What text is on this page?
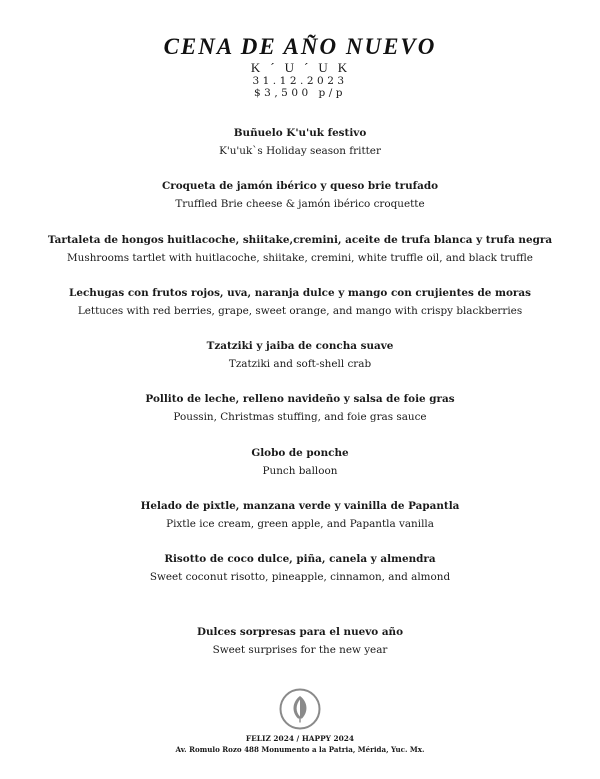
CENA DE AÑO NUEVO
K´U´UK
31.12.2023
$3,500 p/p
Buñuelo K'u'uk festivo
K'u'uk`s Holiday season fritter
Croqueta de jamón ibérico y queso brie trufado
Truffled Brie cheese & jamón ibérico croquette
Tartaleta de hongos huitlacoche, shiitake,cremini, aceite de trufa blanca y trufa negra
Mushrooms tartlet with huitlacoche, shiitake, cremini, white truffle oil, and black truffle
Lechugas con frutos rojos, uva, naranja dulce y mango con crujientes de moras
Lettuces with red berries, grape, sweet orange, and mango with crispy blackberries
Tzatziki y jaiba de concha suave
Tzatziki and soft-shell crab
Pollito de leche, relleno navideño y salsa de foie gras
Poussin, Christmas stuffing, and foie gras sauce
Globo de ponche
Punch balloon
Helado de pixtle, manzana verde y vainilla de Papantla
Pixtle ice cream, green apple, and Papantla vanilla
Risotto de coco dulce, piña, canela y almendra
Sweet coconut risotto, pineapple, cinnamon, and almond
Dulces sorpresas para el nuevo año
Sweet surprises for the new year
FELIZ 2024 / HAPPY 2024
Av. Romulo Rozo 488 Monumento a la Patria, Mérida, Yuc. Mx.
